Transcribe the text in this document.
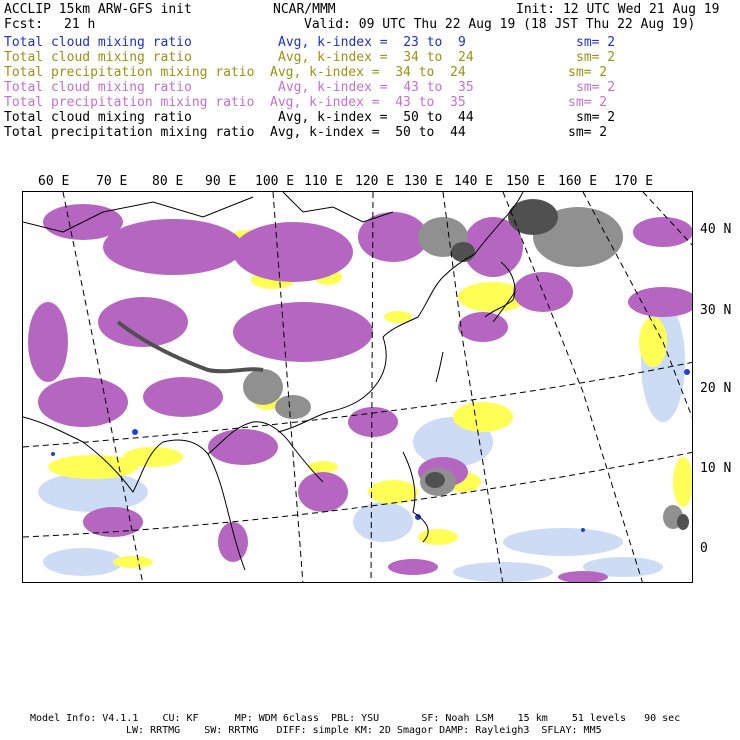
ACCLIP 15km ARW-GFS init	NCAR/MMM	Init: 12 UTC Wed 21 Aug 19
Fcst: 21 h	Valid: 09 UTC Thu 22 Aug 19 (18 JST Thu 22 Aug 19)
Total cloud mixing ratio	Avg, k-index =  23 to  9	sm= 2
Total cloud mixing ratio	Avg, k-index =  34 to  24	sm= 2
Total precipitation mixing ratio Avg, k-index =  34 to  24	sm= 2
Total cloud mixing ratio	Avg, k-index =  43 to  35	sm= 2
Total precipitation mixing ratio Avg, k-index =  43 to  35	sm= 2
Total cloud mixing ratio	Avg, k-index =  50 to  44	sm= 2
Total precipitation mixing ratio Avg, k-index =  50 to  44	sm= 2
60 E 70 E 80 E 90 E 100 E 110 E 120 E 130 E 140 E 150 E 160 E 170 E
40 N
30 N
20 N
10 N
0
Model Info: V4.1.1    CU: KF      MP: WDM 6class  PBL: YSU       SF: Noah LSM    15 km    51 levels   90 sec
LW: RRTMG    SW: RRTMG   DIFF: simple KM: 2D Smagor DAMP: Rayleigh3  SFLAY: MM5
